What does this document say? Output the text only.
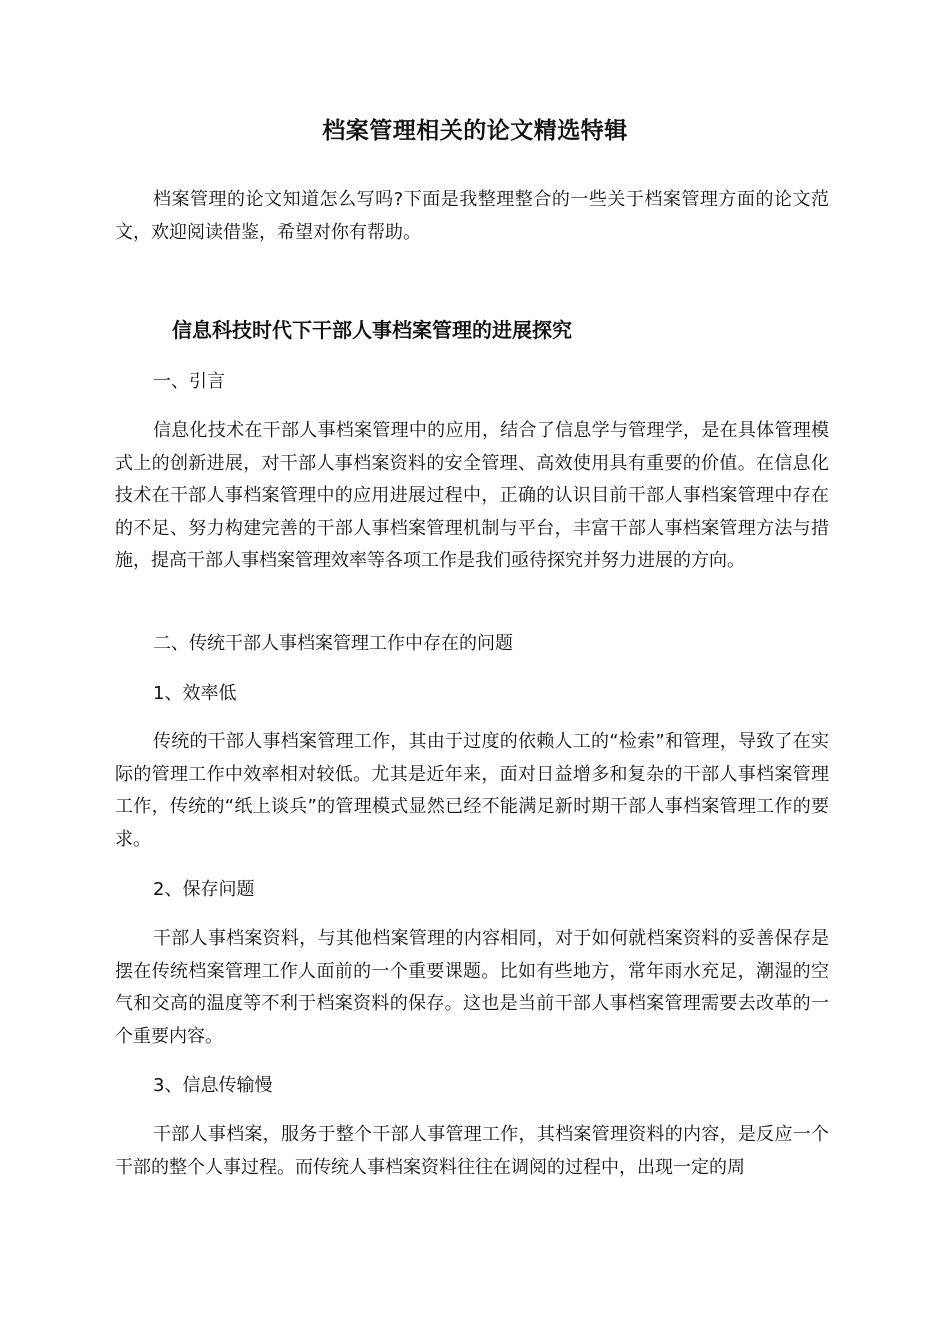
档案管理相关的论文精选特辑

档案管理的论文知道怎么写吗?下面是我整理整合的一些关于档案管理方面的论文范文，欢迎阅读借鉴，希望对你有帮助。

信息科技时代下干部人事档案管理的进展探究

一、引言

信息化技术在干部人事档案管理中的应用，结合了信息学与管理学，是在具体管理模式上的创新进展，对干部人事档案资料的安全管理、高效使用具有重要的价值。在信息化技术在干部人事档案管理中的应用进展过程中，正确的认识目前干部人事档案管理中存在的不足、努力构建完善的干部人事档案管理机制与平台，丰富干部人事档案管理方法与措施，提高干部人事档案管理效率等各项工作是我们亟待探究并努力进展的方向。

二、传统干部人事档案管理工作中存在的问题

1、效率低

传统的干部人事档案管理工作，其由于过度的依赖人工的“检索”和管理，导致了在实际的管理工作中效率相对较低。尤其是近年来，面对日益增多和复杂的干部人事档案管理工作，传统的“纸上谈兵”的管理模式显然已经不能满足新时期干部人事档案管理工作的要求。

2、保存问题

干部人事档案资料，与其他档案管理的内容相同，对于如何就档案资料的妥善保存是摆在传统档案管理工作人面前的一个重要课题。比如有些地方，常年雨水充足，潮湿的空气和交高的温度等不利于档案资料的保存。这也是当前干部人事档案管理需要去改革的一个重要内容。

3、信息传输慢

干部人事档案，服务于整个干部人事管理工作，其档案管理资料的内容，是反应一个干部的整个人事过程。而传统人事档案资料往往在调阅的过程中，出现一定的周
